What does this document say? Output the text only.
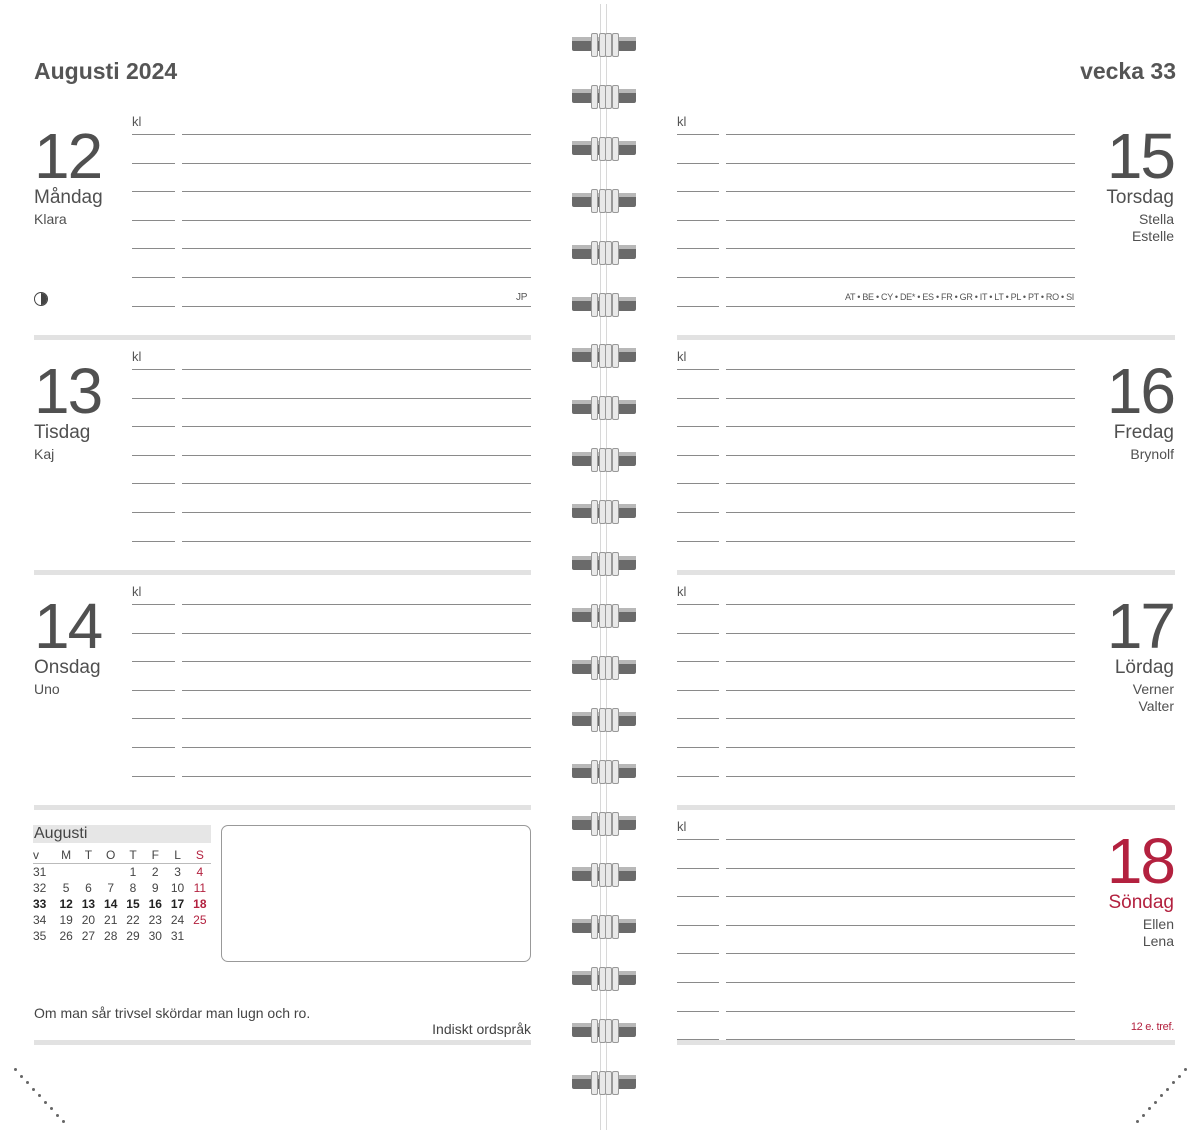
Augusti 2024	vecka 33
12
Måndag
Klara
JP
13
Tisdag
Kaj
14
Onsdag
Uno
15
Torsdag
Stella
Estelle
AT • BE • CY • DE* • ES • FR • GR • IT • LT • PL • PT • RO • SI
16
Fredag
Brynolf
17
Lördag
Verner
Valter
18
Söndag
Ellen
Lena
12 e. tref.
kl	kl
kl	kl
kl	kl
kl
Augusti
v	M	T	O	T	F	L	S
31				1	2	3	4
32	5	6	7	8	9	10	11
33	12	13	14	15	16	17	18
34	19	20	21	22	23	24	25
35	26	27	28	29	30	31	
Om man sår trivsel skördar man lugn och ro.
Indiskt ordspråk
